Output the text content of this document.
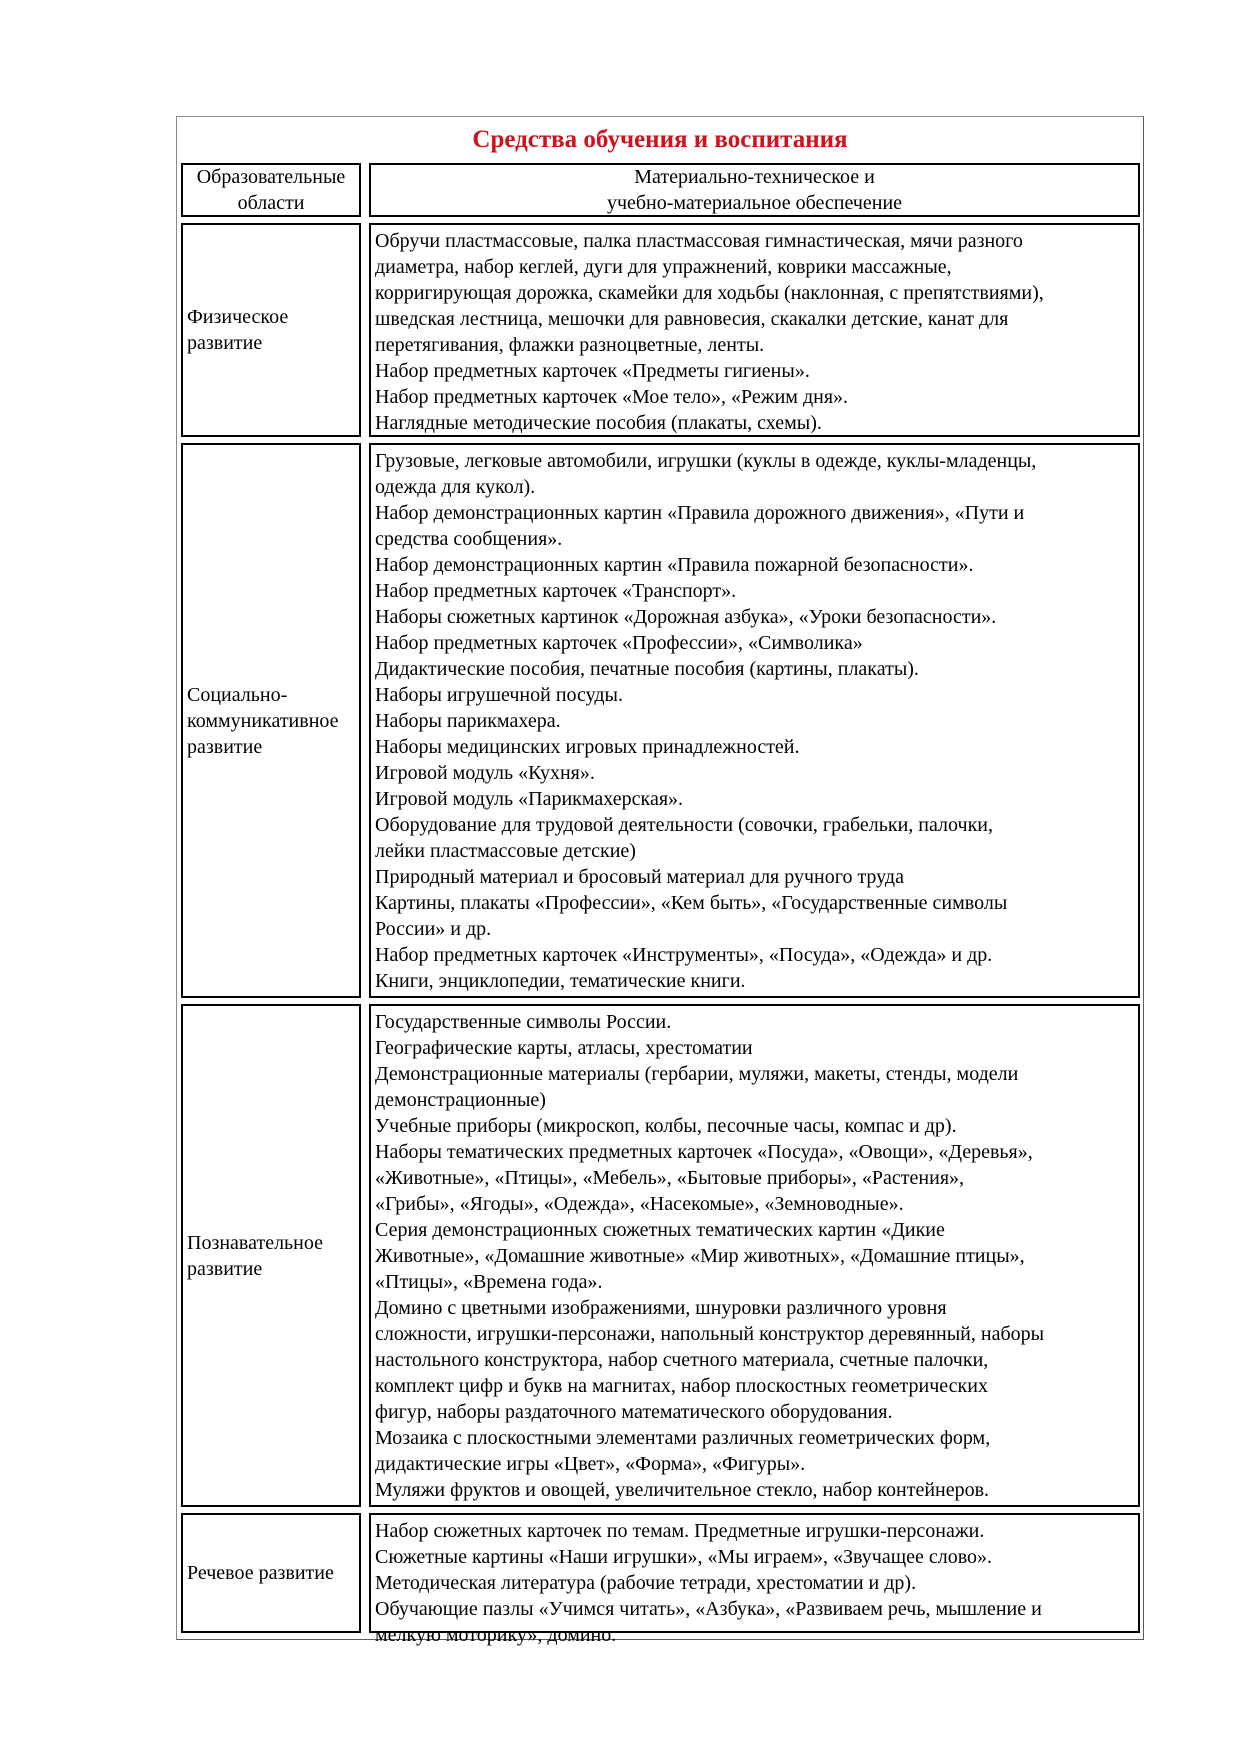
Средства обучения и воспитания
Образовательные
области
Материально-техническое и
учебно-материальное обеспечение
Физическое
развитие
Обручи пластмассовые, палка пластмассовая гимнастическая, мячи разного
диаметра, набор кеглей, дуги для упражнений, коврики массажные,
корригирующая дорожка, скамейки для ходьбы (наклонная, с препятствиями),
шведская лестница, мешочки для равновесия, скакалки детские, канат для
перетягивания, флажки разноцветные, ленты.
Набор предметных карточек «Предметы гигиены».
Набор предметных карточек «Мое тело», «Режим дня».
Наглядные методические пособия (плакаты, схемы).
Социально-
коммуникативное
развитие
Грузовые, легковые автомобили, игрушки (куклы в одежде, куклы-младенцы,
одежда для кукол).
Набор демонстрационных картин «Правила дорожного движения», «Пути и
средства сообщения».
Набор демонстрационных картин «Правила пожарной безопасности».
Набор предметных карточек «Транспорт».
Наборы сюжетных картинок «Дорожная азбука», «Уроки безопасности».
Набор предметных карточек «Профессии», «Символика»
Дидактические пособия, печатные пособия (картины, плакаты).
Наборы игрушечной посуды.
Наборы парикмахера.
Наборы медицинских игровых принадлежностей.
Игровой модуль «Кухня».
Игровой модуль «Парикмахерская».
Оборудование для трудовой деятельности (совочки, грабельки, палочки,
лейки пластмассовые детские)
Природный материал и бросовый материал для ручного труда
Картины, плакаты «Профессии», «Кем быть», «Государственные символы
России» и др.
Набор предметных карточек «Инструменты», «Посуда», «Одежда» и др.
Книги, энциклопедии, тематические книги.
Познавательное
развитие
Государственные символы России.
Географические карты, атласы, хрестоматии
Демонстрационные материалы (гербарии, муляжи, макеты, стенды, модели
демонстрационные)
Учебные приборы (микроскоп, колбы, песочные часы, компас и др).
Наборы тематических предметных карточек «Посуда», «Овощи», «Деревья»,
«Животные», «Птицы», «Мебель», «Бытовые приборы», «Растения»,
«Грибы», «Ягоды», «Одежда», «Насекомые», «Земноводные».
Серия демонстрационных сюжетных тематических картин «Дикие
Животные», «Домашние животные» «Мир животных», «Домашние птицы»,
«Птицы», «Времена года».
Домино с цветными изображениями, шнуровки различного уровня
сложности, игрушки-персонажи, напольный конструктор деревянный, наборы
настольного конструктора, набор счетного материала, счетные палочки,
комплект цифр и букв на магнитах, набор плоскостных геометрических
фигур, наборы раздаточного математического оборудования.
Мозаика с плоскостными элементами различных геометрических форм,
дидактические игры «Цвет», «Форма», «Фигуры».
Муляжи фруктов и овощей, увеличительное стекло, набор контейнеров.
Речевое развитие
Набор сюжетных карточек по темам. Предметные игрушки-персонажи.
Сюжетные картины «Наши игрушки», «Мы играем», «Звучащее слово».
Методическая литература (рабочие тетради, хрестоматии и др).
Обучающие пазлы «Учимся читать», «Азбука», «Развиваем речь, мышление и
мелкую моторику», домино.
